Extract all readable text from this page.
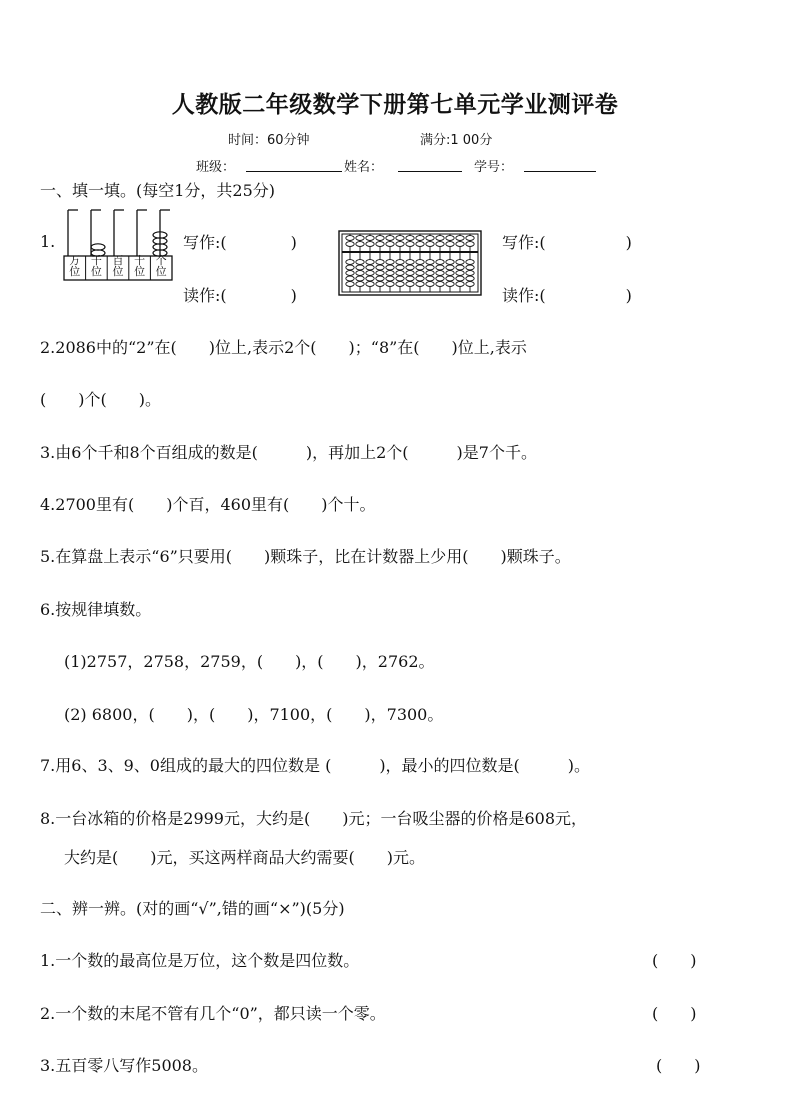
人教版二年级数学下册第七单元学业测评卷
时间：60分钟	满分:1 00分
班级：	姓名：	学号：
一、填一填。(每空1分，共25分)
1.
万位
千位
百位
十位
个位
写作:(　　　　)
读作:(　　　　)
写作:(　　　　　)
读作:(　　　　　)
2.2086中的“2”在(　　)位上,表示2个(　　)；“8”在(　　)位上,表示
(　　)个(　　)。
3.由6个千和8个百组成的数是(　　　)，再加上2个(　　　)是7个千。
4.2700里有(　　)个百，460里有(　　)个十。
5.在算盘上表示“6”只要用(　　)颗珠子，比在计数器上少用(　　)颗珠子。
6.按规律填数。
(1)2757，2758，2759，(　　)，(　　)，2762。
(2) 6800，(　　)，(　　)，7100，(　　)，7300。
7.用6、3、9、0组成的最大的四位数是 (　　　)，最小的四位数是(　　　)。
8.一台冰箱的价格是2999元，大约是(　　)元；一台吸尘器的价格是608元，
大约是(　　)元，买这两样商品大约需要(　　)元。
二、辨一辨。(对的画“√”,错的画“×”)(5分)
1.一个数的最高位是万位，这个数是四位数。	(　　)
2.一个数的末尾不管有几个“0”，都只读一个零。	(　　)
3.五百零八写作5008。	(　　)
